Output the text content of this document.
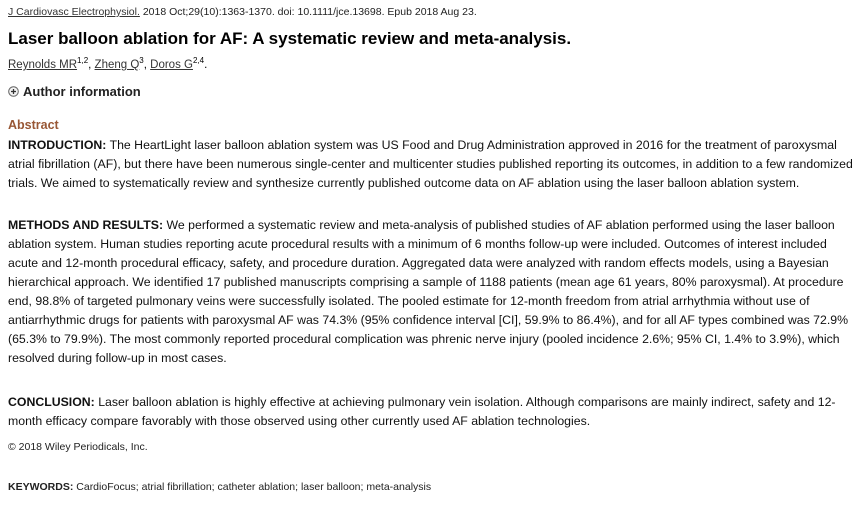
J Cardiovasc Electrophysiol. 2018 Oct;29(10):1363-1370. doi: 10.1111/jce.13698. Epub 2018 Aug 23.
Laser balloon ablation for AF: A systematic review and meta-analysis.
Reynolds MR$^{1,2}$, Zheng $Q^3$, Doros G$^{2,4}$.
Author information
Abstract

INTRODUCTION: The HeartLight laser balloon ablation system was US Food and Drug Administration approved in 2016 for the treatment of paroxysmal atrial fibrillation (AF), but there have been numerous single-center and multicenter studies published reporting its outcomes, in addition to a few randomized trials. We aimed to systematically review and synthesize currently published outcome data on AF ablation using the laser balloon ablation system.

METHODS AND RESULTS: We performed a systematic review and meta-analysis of published studies of AF ablation performed using the laser balloon ablation system. Human studies reporting acute procedural results with a minimum of 6 months follow-up were included. Outcomes of interest included acute and 12-month procedural efficacy, safety, and procedure duration. Aggregated data were analyzed with random effects models, using a Bayesian hierarchical approach. We identified 17 published manuscripts comprising a sample of 1188 patients (mean age 61 years, 80% paroxysmal). At procedure end, 98.8% of targeted pulmonary veins were successfully isolated. The pooled estimate for 12-month freedom from atrial arrhythmia without use of antiarrhythmic drugs for patients with paroxysmal AF was 74.3% (95% confidence interval [CI], 59.9% to 86.4%), and for all AF types combined was 72.9% (65.3% to 79.9%). The most commonly reported procedural complication was phrenic nerve injury (pooled incidence 2.6%; 95% CI, 1.4% to 3.9%), which resolved during follow-up in most cases.

CONCLUSION: Laser balloon ablation is highly effective at achieving pulmonary vein isolation. Although comparisons are mainly indirect, safety and 12-month efficacy compare favorably with those observed using other currently used AF ablation technologies.

© 2018 Wiley Periodicals, Inc.
KEYWORDS: CardioFocus; atrial fibrillation; catheter ablation; laser balloon; meta-analysis
